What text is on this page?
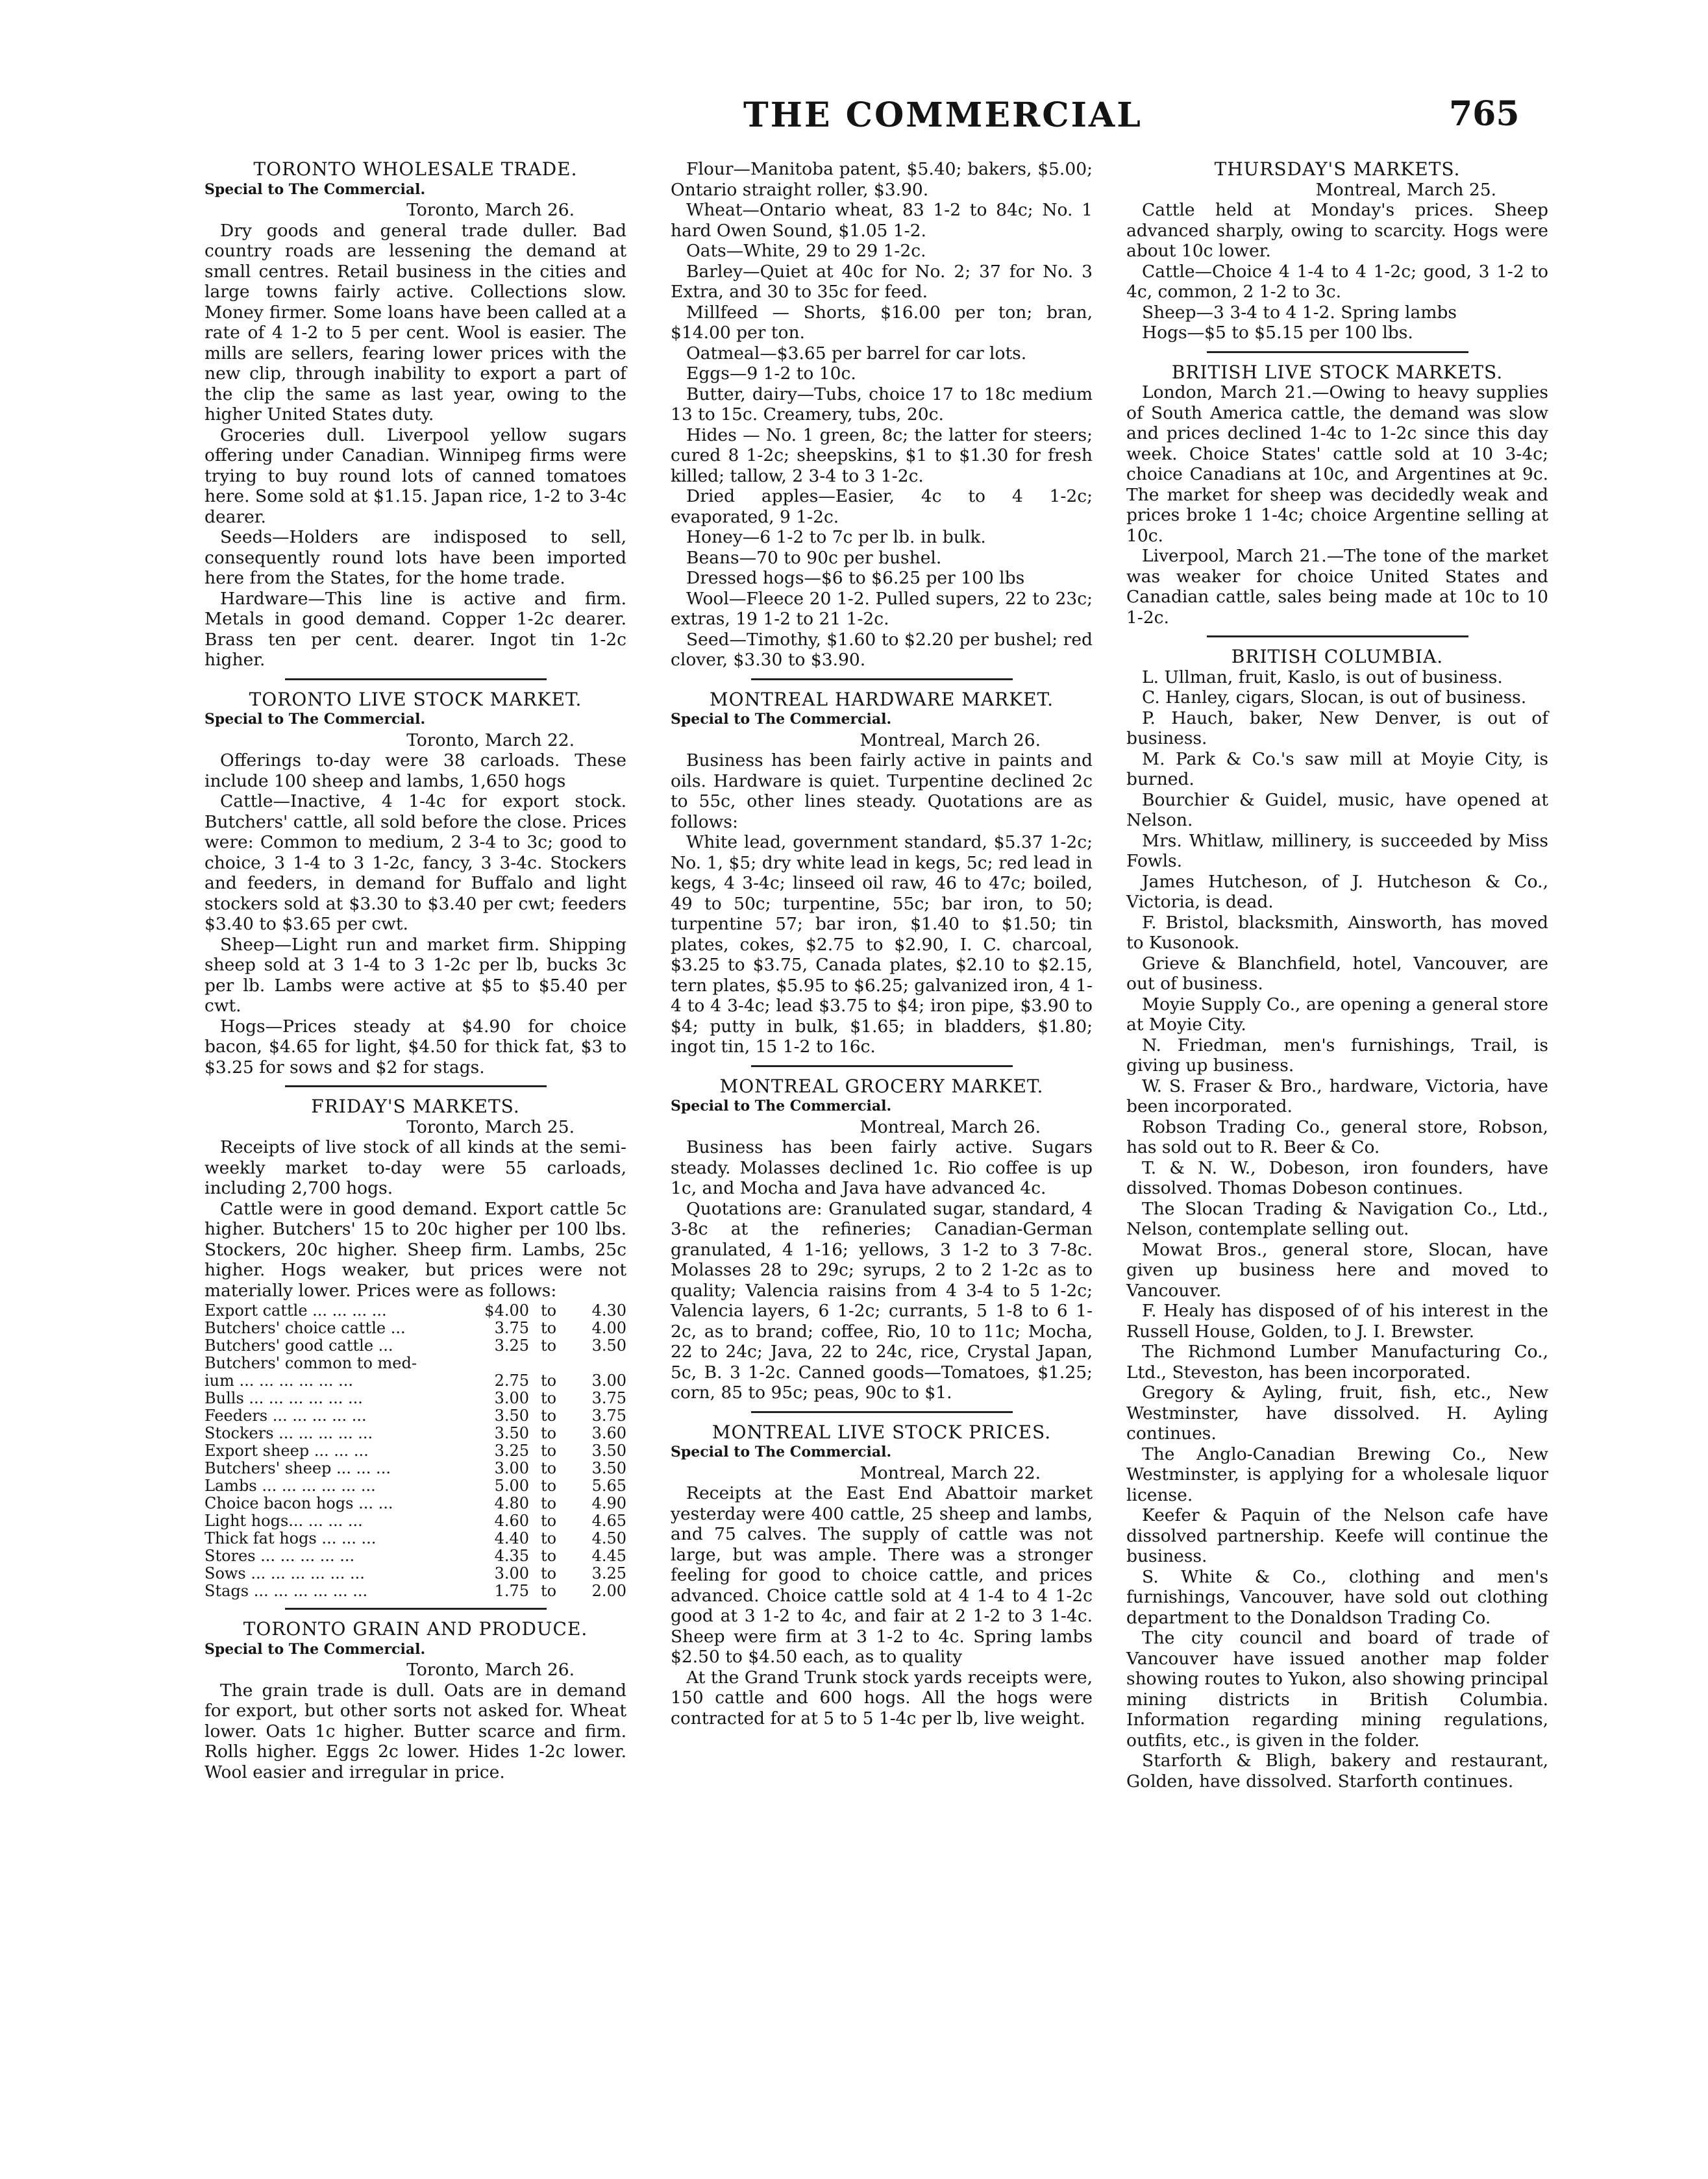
THE COMMERCIAL	765
TORONTO WHOLESALE TRADE.
Special to The Commercial.
Toronto, March 26.

Dry goods and general trade duller. Bad country roads are lessening the demand at small centres. Retail business in the cities and large towns fairly active. Collections slow. Money firmer. Some loans have been called at a rate of 4 1-2 to 5 per cent. Wool is easier. The mills are sellers, fearing lower prices with the new clip, through inability to export a part of the clip the same as last year, owing to the higher United States duty.

Groceries dull. Liverpool yellow sugars offering under Canadian. Winnipeg firms were trying to buy round lots of canned tomatoes here. Some sold at $1.15. Japan rice, 1-2 to 3-4c dearer.

Seeds—Holders are indisposed to sell, consequently round lots have been imported here from the States, for the home trade.

Hardware—This line is active and firm. Metals in good demand. Copper 1-2c dearer. Brass ten per cent. dearer. Ingot tin 1-2c higher.

TORONTO LIVE STOCK MARKET.
Special to The Commercial.
Toronto, March 22.

Offerings to-day were 38 carloads. These include 100 sheep and lambs, 1,650 hogs

Cattle—Inactive, 4 1-4c for export stock. Butchers' cattle, all sold before the close. Prices were: Common to medium, 2 3-4 to 3c; good to choice, 3 1-4 to 3 1-2c, fancy, 3 3-4c. Stockers and feeders, in demand for Buffalo and light stockers sold at $3.30 to $3.40 per cwt; feeders $3.40 to $3.65 per cwt.

Sheep—Light run and market firm. Shipping sheep sold at 3 1-4 to 3 1-2c per lb, bucks 3c per lb. Lambs were active at $5 to $5.40 per cwt.

Hogs—Prices steady at $4.90 for choice bacon, $4.65 for light, $4.50 for thick fat, $3 to $3.25 for sows and $2 for stags.

FRIDAY'S MARKETS.
Toronto, March 25.

Receipts of live stock of all kinds at the semi-weekly market to-day were 55 carloads, including 2,700 hogs.

Cattle were in good demand. Export cattle 5c higher. Butchers' 15 to 20c higher per 100 lbs. Stockers, 20c higher. Sheep firm. Lambs, 25c higher. Hogs weaker, but prices were not materially lower. Prices were as follows:

Export cattle ... ... ... ...	$4.00	to	4.30
Butchers' choice cattle ...	3.75	to	4.00
Butchers' good cattle ...	3.25	to	3.50
Butchers' common to med-			
ium ... ... ... ... ... ...	2.75	to	3.00
Bulls ... ... ... ... ... ...	3.00	to	3.75
Feeders ... ... ... ... ...	3.50	to	3.75
Stockers ... ... ... ... ...	3.50	to	3.60
Export sheep ... ... ...	3.25	to	3.50
Butchers' sheep ... ... ...	3.00	to	3.50
Lambs ... ... ... ... ... ...	5.00	to	5.65
Choice bacon hogs ... ...	4.80	to	4.90
Light hogs... ... ... ...	4.60	to	4.65
Thick fat hogs ... ... ...	4.40	to	4.50
Stores ... ... ... ... ...	4.35	to	4.45
Sows ... ... ... ... ... ...	3.00	to	3.25
Stags ... ... ... ... ... ...	1.75	to	2.00
TORONTO GRAIN AND PRODUCE.
Special to The Commercial.
Toronto, March 26.

The grain trade is dull. Oats are in demand for export, but other sorts not asked for. Wheat lower. Oats 1c higher. Butter scarce and firm. Rolls higher. Eggs 2c lower. Hides 1-2c lower. Wool easier and irregular in price.

Flour—Manitoba patent, $5.40; bakers, $5.00; Ontario straight roller, $3.90.

Wheat—Ontario wheat, 83 1-2 to 84c; No. 1 hard Owen Sound, $1.05 1-2.

Oats—White, 29 to 29 1-2c.

Barley—Quiet at 40c for No. 2; 37 for No. 3 Extra, and 30 to 35c for feed.

Millfeed — Shorts, $16.00 per ton; bran, $14.00 per ton.

Oatmeal—$3.65 per barrel for car lots.

Eggs—9 1-2 to 10c.

Butter, dairy—Tubs, choice 17 to 18c medium 13 to 15c. Creamery, tubs, 20c.

Hides — No. 1 green, 8c; the latter for steers; cured 8 1-2c; sheepskins, $1 to $1.30 for fresh killed; tallow, 2 3-4 to 3 1-2c.

Dried apples—Easier, 4c to 4 1-2c; evaporated, 9 1-2c.

Honey—6 1-2 to 7c per lb. in bulk.

Beans—70 to 90c per bushel.

Dressed hogs—$6 to $6.25 per 100 lbs

Wool—Fleece 20 1-2. Pulled supers, 22 to 23c; extras, 19 1-2 to 21 1-2c.

Seed—Timothy, $1.60 to $2.20 per bushel; red clover, $3.30 to $3.90.

MONTREAL HARDWARE MARKET.
Special to The Commercial.
Montreal, March 26.

Business has been fairly active in paints and oils. Hardware is quiet. Turpentine declined 2c to 55c, other lines steady. Quotations are as follows:

White lead, government standard, $5.37 1-2c; No. 1, $5; dry white lead in kegs, 5c; red lead in kegs, 4 3-4c; linseed oil raw, 46 to 47c; boiled, 49 to 50c; turpentine, 55c; bar iron, to 50; turpentine 57; bar iron, $1.40 to $1.50; tin plates, cokes, $2.75 to $2.90, I. C. charcoal, $3.25 to $3.75, Canada plates, $2.10 to $2.15, tern plates, $5.95 to $6.25; galvanized iron, 4 1-4 to 4 3-4c; lead $3.75 to $4; iron pipe, $3.90 to $4; putty in bulk, $1.65; in bladders, $1.80; ingot tin, 15 1-2 to 16c.

MONTREAL GROCERY MARKET.
Special to The Commercial.
Montreal, March 26.

Business has been fairly active. Sugars steady. Molasses declined 1c. Rio coffee is up 1c, and Mocha and Java have advanced 4c.

Quotations are: Granulated sugar, standard, 4 3-8c at the refineries; Canadian-German granulated, 4 1-16; yellows, 3 1-2 to 3 7-8c. Molasses 28 to 29c; syrups, 2 to 2 1-2c as to quality; Valencia raisins from 4 3-4 to 5 1-2c; Valencia layers, 6 1-2c; currants, 5 1-8 to 6 1-2c, as to brand; coffee, Rio, 10 to 11c; Mocha, 22 to 24c; Java, 22 to 24c, rice, Crystal Japan, 5c, B. 3 1-2c. Canned goods—Tomatoes, $1.25; corn, 85 to 95c; peas, 90c to $1.

MONTREAL LIVE STOCK PRICES.
Special to The Commercial.
Montreal, March 22.

Receipts at the East End Abattoir market yesterday were 400 cattle, 25 sheep and lambs, and 75 calves. The supply of cattle was not large, but was ample. There was a stronger feeling for good to choice cattle, and prices advanced. Choice cattle sold at 4 1-4 to 4 1-2c good at 3 1-2 to 4c, and fair at 2 1-2 to 3 1-4c. Sheep were firm at 3 1-2 to 4c. Spring lambs $2.50 to $4.50 each, as to quality

At the Grand Trunk stock yards receipts were, 150 cattle and 600 hogs. All the hogs were contracted for at 5 to 5 1-4c per lb, live weight.

THURSDAY'S MARKETS.
Montreal, March 25.

Cattle held at Monday's prices. Sheep advanced sharply, owing to scarcity. Hogs were about 10c lower.

Cattle—Choice 4 1-4 to 4 1-2c; good, 3 1-2 to 4c, common, 2 1-2 to 3c.

Sheep—3 3-4 to 4 1-2. Spring lambs

Hogs—$5 to $5.15 per 100 lbs.

BRITISH LIVE STOCK MARKETS.

London, March 21.—Owing to heavy supplies of South America cattle, the demand was slow and prices declined 1-4c to 1-2c since this day week. Choice States' cattle sold at 10 3-4c; choice Canadians at 10c, and Argentines at 9c. The market for sheep was decidedly weak and prices broke 1 1-4c; choice Argentine selling at 10c.

Liverpool, March 21.—The tone of the market was weaker for choice United States and Canadian cattle, sales being made at 10c to 10 1-2c.

BRITISH COLUMBIA.

L. Ullman, fruit, Kaslo, is out of business.

C. Hanley, cigars, Slocan, is out of business.

P. Hauch, baker, New Denver, is out of business.

M. Park & Co.'s saw mill at Moyie City, is burned.

Bourchier & Guidel, music, have opened at Nelson.

Mrs. Whitlaw, millinery, is succeeded by Miss Fowls.

James Hutcheson, of J. Hutcheson & Co., Victoria, is dead.

F. Bristol, blacksmith, Ainsworth, has moved to Kusonook.

Grieve & Blanchfield, hotel, Vancouver, are out of business.

Moyie Supply Co., are opening a general store at Moyie City.

N. Friedman, men's furnishings, Trail, is giving up business.

W. S. Fraser & Bro., hardware, Victoria, have been incorporated.

Robson Trading Co., general store, Robson, has sold out to R. Beer & Co.

T. & N. W., Dobeson, iron founders, have dissolved. Thomas Dobeson continues.

The Slocan Trading & Navigation Co., Ltd., Nelson, contemplate selling out.

Mowat Bros., general store, Slocan, have given up business here and moved to Vancouver.

F. Healy has disposed of of his interest in the Russell House, Golden, to J. I. Brewster.

The Richmond Lumber Manufacturing Co., Ltd., Steveston, has been incorporated.

Gregory & Ayling, fruit, fish, etc., New Westminster, have dissolved. H. Ayling continues.

The Anglo-Canadian Brewing Co., New Westminster, is applying for a wholesale liquor license.

Keefer & Paquin of the Nelson cafe have dissolved partnership. Keefe will continue the business.

S. White & Co., clothing and men's furnishings, Vancouver, have sold out clothing department to the Donaldson Trading Co.

The city council and board of trade of Vancouver have issued another map folder showing routes to Yukon, also showing principal mining districts in British Columbia. Information regarding mining regulations, outfits, etc., is given in the folder.

Starforth & Bligh, bakery and restaurant, Golden, have dissolved. Starforth continues.
